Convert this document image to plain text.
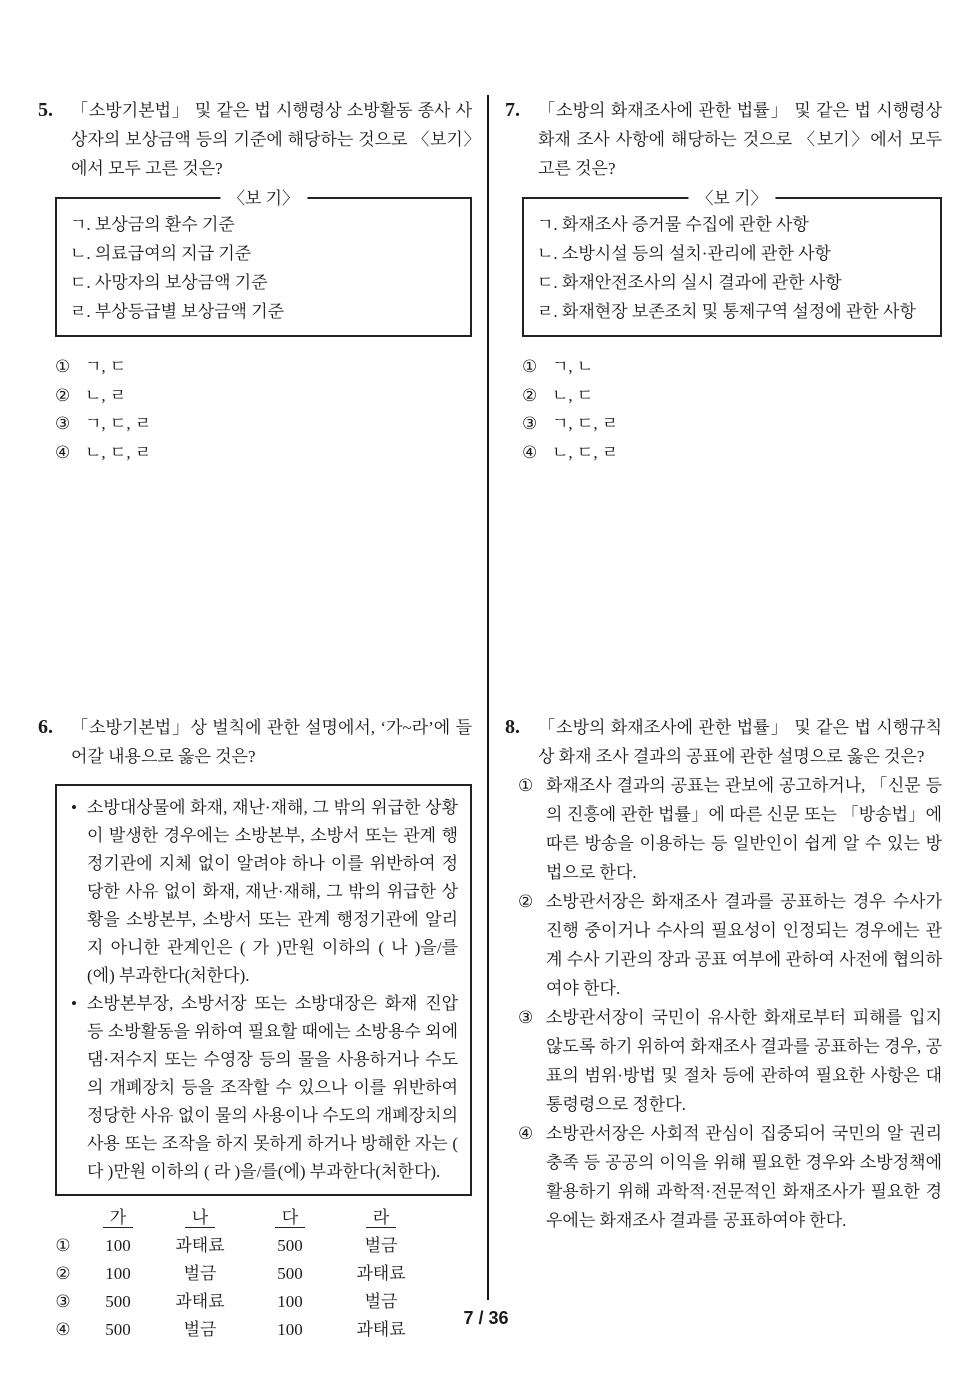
5.	「소방기본법」 및 같은 법 시행령상 소방활동 종사 사상자의 보상금액 등의 기준에 해당하는 것으로 〈보기〉에서 모두 고른 것은?

〈보 기〉

ㄱ. 보상금의 환수 기준

ㄴ. 의료급여의 지급 기준

ㄷ. 사망자의 보상금액 기준

ㄹ. 부상등급별 보상금액 기준

① ㄱ, ㄷ
② ㄴ, ㄹ
③ ㄱ, ㄷ, ㄹ
④ ㄴ, ㄷ, ㄹ
6.	「소방기본법」상 벌칙에 관한 설명에서, ‘가~라’에 들어갈 내용으로 옳은 것은?

• 소방대상물에 화재, 재난·재해, 그 밖의 위급한 상황이 발생한 경우에는 소방본부, 소방서 또는 관계 행정기관에 지체 없이 알려야 하나 이를 위반하여 정당한 사유 없이 화재, 재난·재해, 그 밖의 위급한 상황을 소방본부, 소방서 또는 관계 행정기관에 알리지 아니한 관계인은 ( 가 )만원 이하의 ( 나 )을/를(에) 부과한다(처한다).
• 소방본부장, 소방서장 또는 소방대장은 화재 진압 등 소방활동을 위하여 필요할 때에는 소방용수 외에 댐·저수지 또는 수영장 등의 물을 사용하거나 수도의 개폐장치 등을 조작할 수 있으나 이를 위반하여 정당한 사유 없이 물의 사용이나 수도의 개폐장치의 사용 또는 조작을 하지 못하게 하거나 방해한 자는 ( 다 )만원 이하의 ( 라 )을/를(에) 부과한다(처한다).
가	나	다	라
①	100	과태료	500	벌금
②	100	벌금	500	과태료
③	500	과태료	100	벌금
④	500	벌금	100	과태료
7.	「소방의 화재조사에 관한 법률」 및 같은 법 시행령상 화재 조사 사항에 해당하는 것으로 〈보기〉에서 모두 고른 것은?

〈보 기〉

ㄱ. 화재조사 증거물 수집에 관한 사항

ㄴ. 소방시설 등의 설치·관리에 관한 사항

ㄷ. 화재안전조사의 실시 결과에 관한 사항

ㄹ. 화재현장 보존조치 및 통제구역 설정에 관한 사항

① ㄱ, ㄴ
② ㄴ, ㄷ
③ ㄱ, ㄷ, ㄹ
④ ㄴ, ㄷ, ㄹ
8.	「소방의 화재조사에 관한 법률」 및 같은 법 시행규칙상 화재 조사 결과의 공표에 관한 설명으로 옳은 것은?

① 화재조사 결과의 공표는 관보에 공고하거나, 「신문 등의 진흥에 관한 법률」에 따른 신문 또는 「방송법」에 따른 방송을 이용하는 등 일반인이 쉽게 알 수 있는 방법으로 한다.
② 소방관서장은 화재조사 결과를 공표하는 경우 수사가 진행 중이거나 수사의 필요성이 인정되는 경우에는 관계 수사 기관의 장과 공표 여부에 관하여 사전에 협의하여야 한다.
③ 소방관서장이 국민이 유사한 화재로부터 피해를 입지 않도록 하기 위하여 화재조사 결과를 공표하는 경우, 공표의 범위·방법 및 절차 등에 관하여 필요한 사항은 대통령령으로 정한다.
④ 소방관서장은 사회적 관심이 집중되어 국민의 알 권리 충족 등 공공의 이익을 위해 필요한 경우와 소방정책에 활용하기 위해 과학적·전문적인 화재조사가 필요한 경우에는 화재조사 결과를 공표하여야 한다.
7 / 36
